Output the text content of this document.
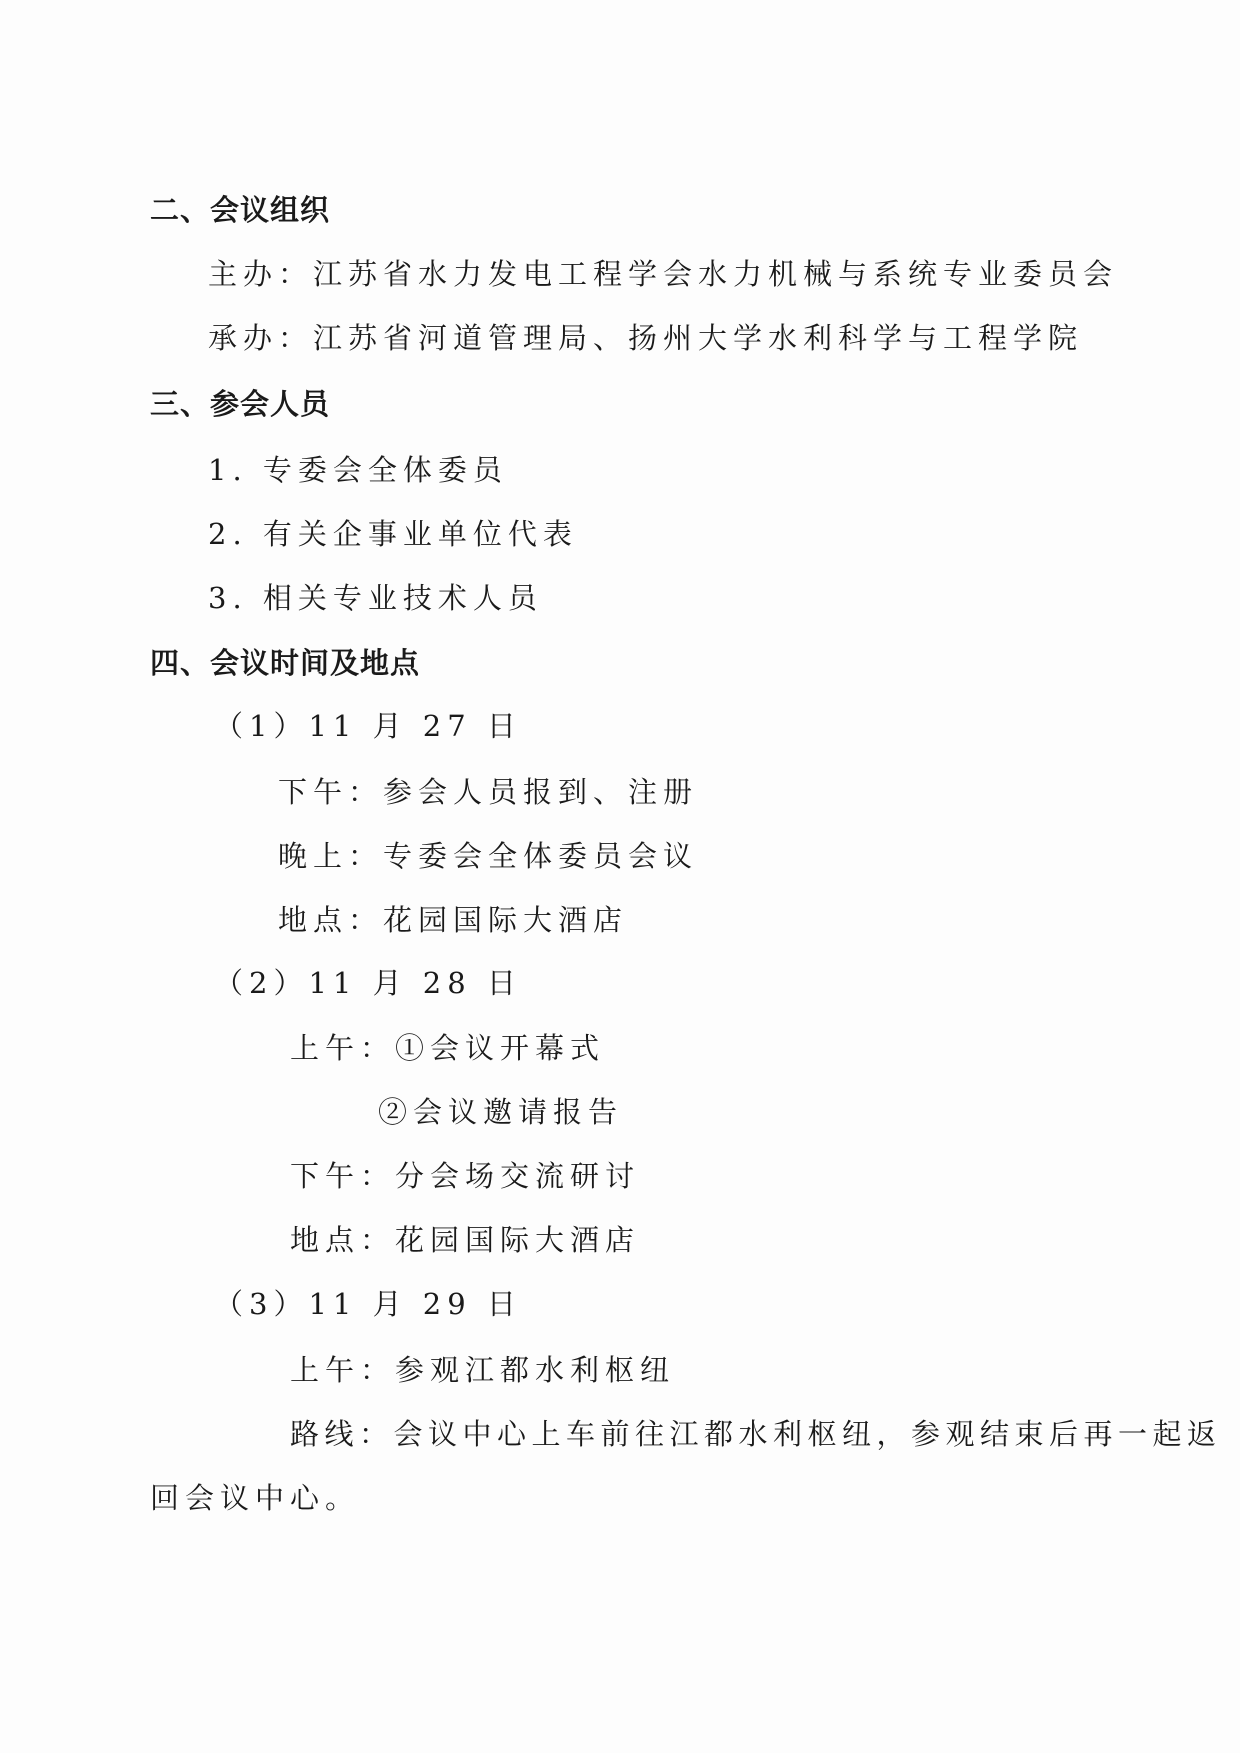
二、会议组织
主办：江苏省水力发电工程学会水力机械与系统专业委员会
承办：江苏省河道管理局、扬州大学水利科学与工程学院
三、参会人员
1. 专委会全体委员
2. 有关企事业单位代表
3. 相关专业技术人员
四、会议时间及地点
（1）11 月 27 日
下午：参会人员报到、注册
晚上：专委会全体委员会议
地点：花园国际大酒店
（2）11 月 28 日
上午：①会议开幕式
②会议邀请报告
下午：分会场交流研讨
地点：花园国际大酒店
（3）11 月 29 日
上午：参观江都水利枢纽
路线：会议中心上车前往江都水利枢纽，参观结束后再一起返
回会议中心。
